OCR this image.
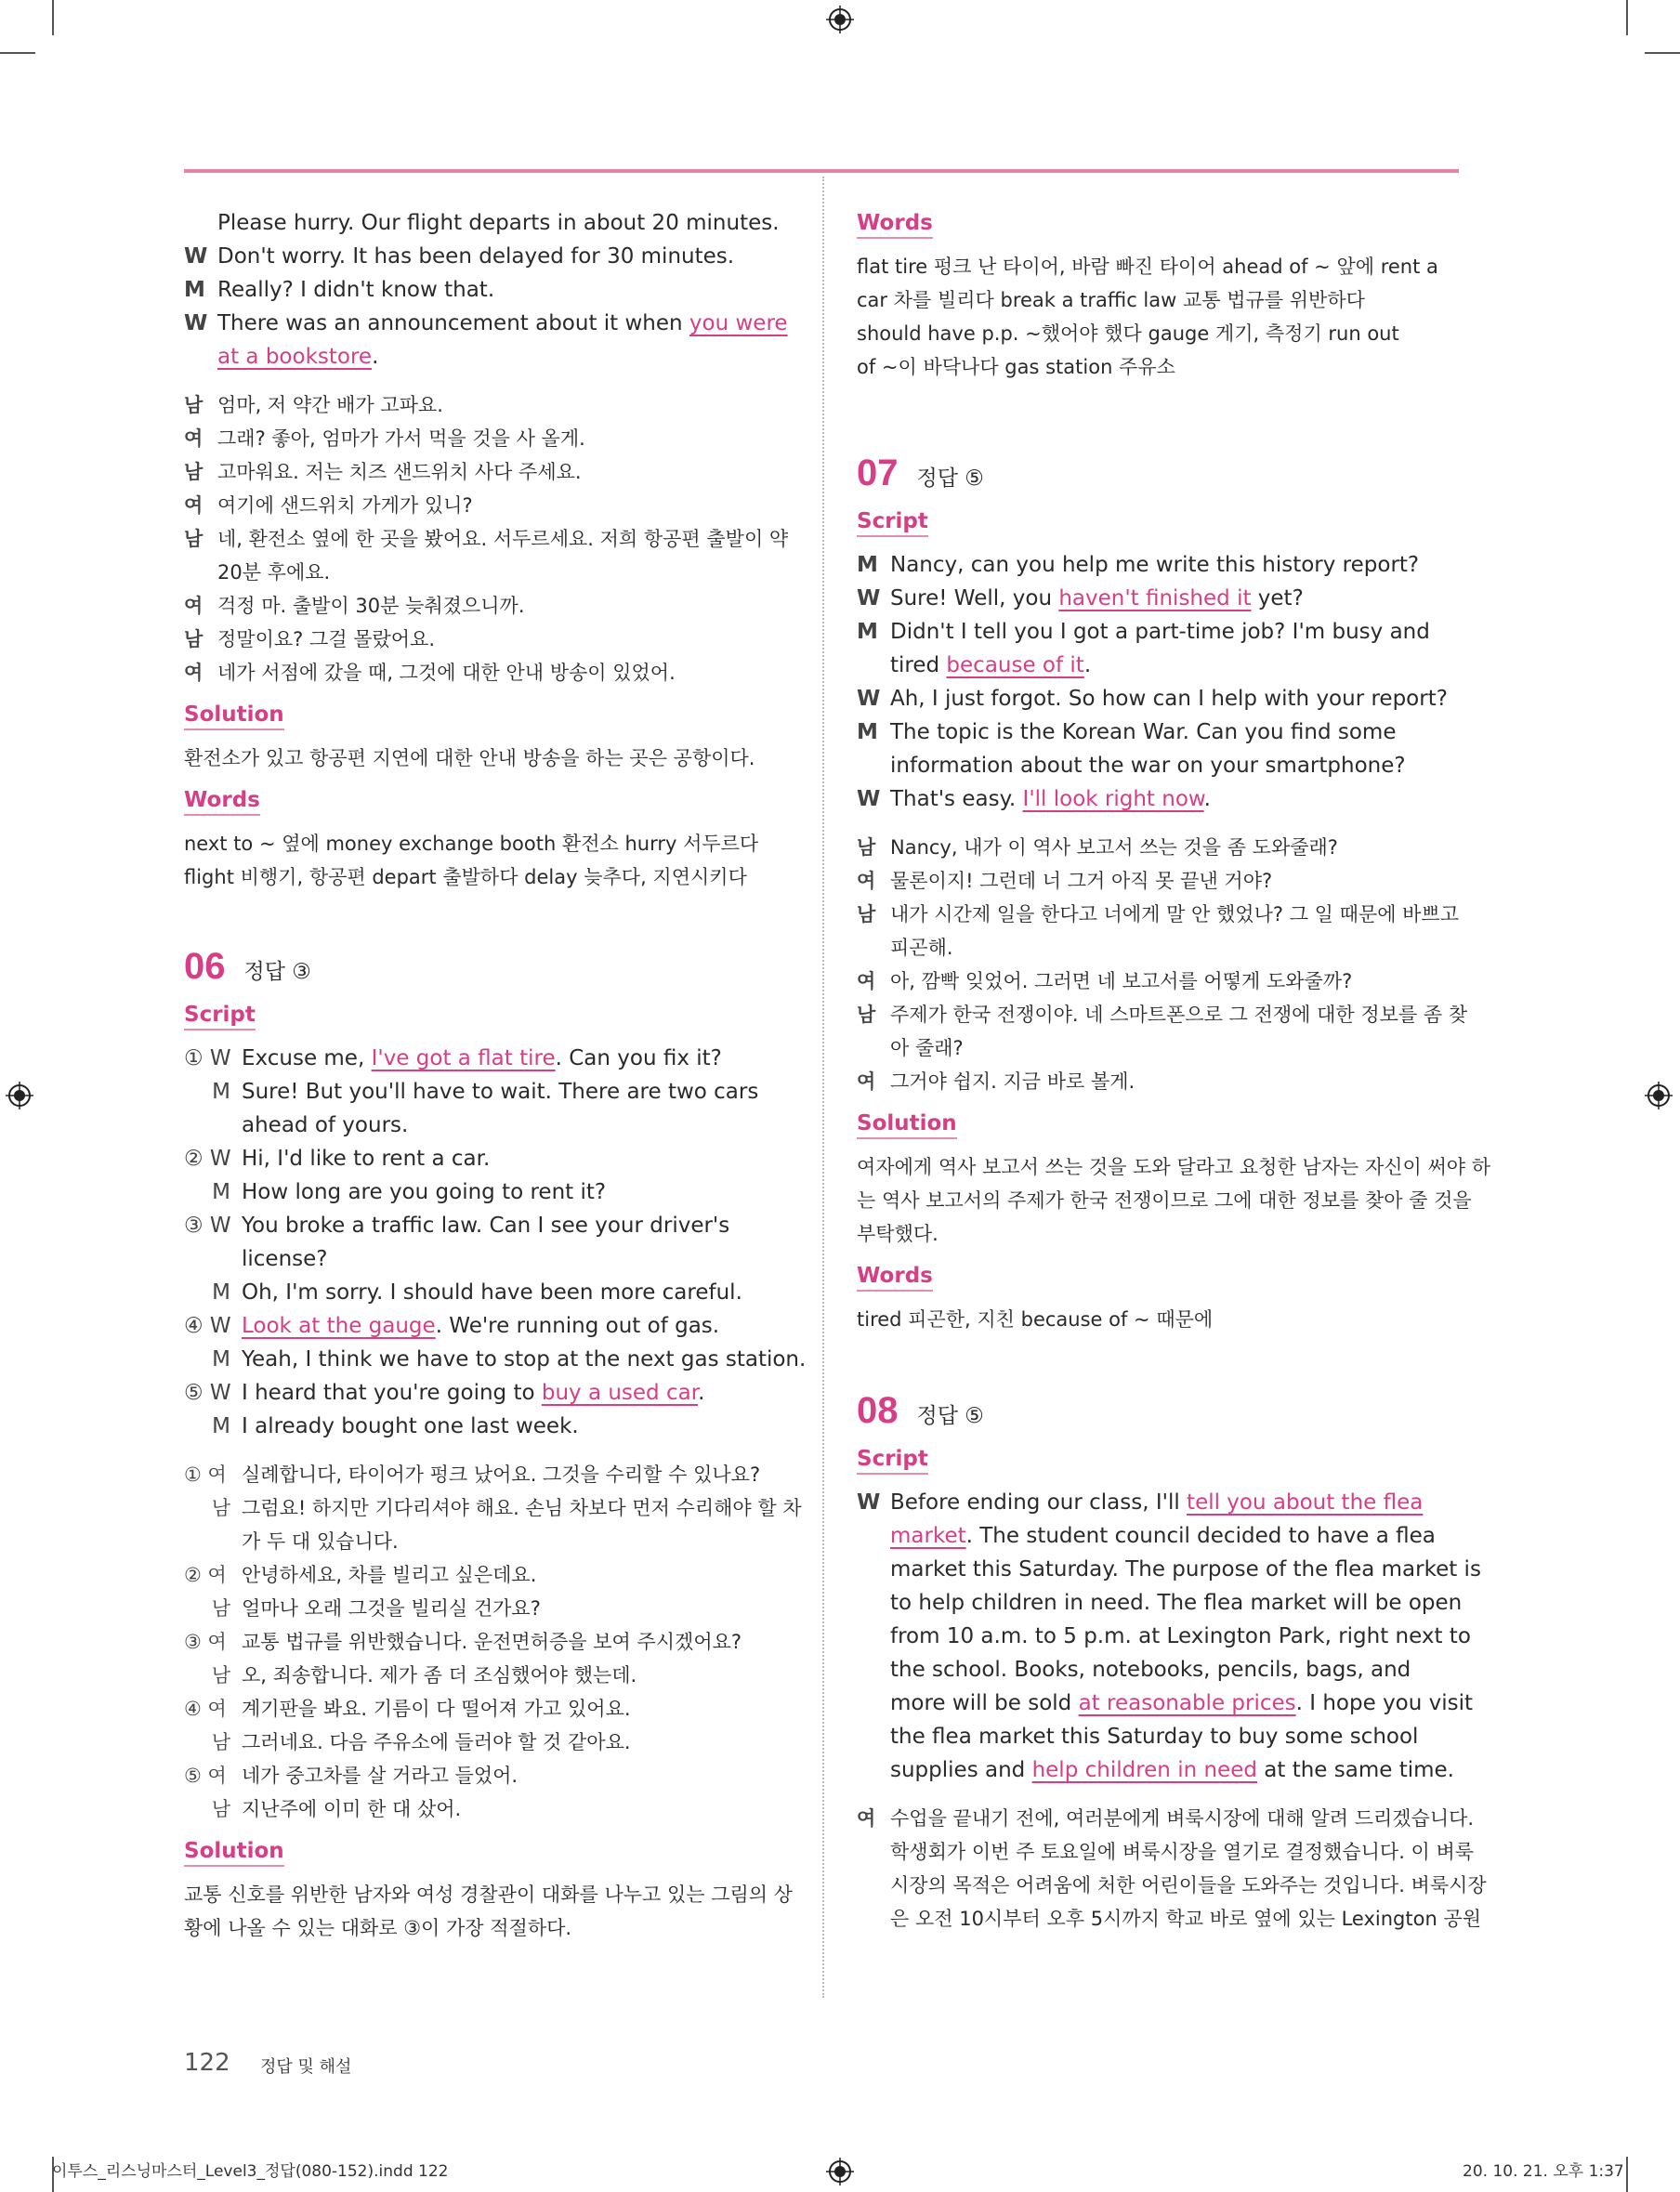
Please hurry. Our flight departs in about 20 minutes.
W Don't worry. It has been delayed for 30 minutes.
M Really? I didn't know that.
W There was an announcement about it when you were
at a bookstore.
남 엄마, 저 약간 배가 고파요.
여 그래? 좋아, 엄마가 가서 먹을 것을 사 올게.
남 고마워요. 저는 치즈 샌드위치 사다 주세요.
여 여기에 샌드위치 가게가 있니?
남 네, 환전소 옆에 한 곳을 봤어요. 서두르세요. 저희 항공편 출발이 약
20분 후에요.
여 걱정 마. 출발이 30분 늦춰졌으니까.
남 정말이요? 그걸 몰랐어요.
여 네가 서점에 갔을 때, 그것에 대한 안내 방송이 있었어.
Solution
환전소가 있고 항공편 지연에 대한 안내 방송을 하는 곳은 공항이다.
Words
next to ~ 옆에 money exchange booth 환전소 hurry 서두르다
flight 비행기, 항공편 depart 출발하다 delay 늦추다, 지연시키다
06 정답 ③
Script
① W Excuse me, I've got a flat tire. Can you fix it?
M Sure! But you'll have to wait. There are two cars
ahead of yours.
② W Hi, I'd like to rent a car.
M How long are you going to rent it?
③ W You broke a traffic law. Can I see your driver's
license?
M Oh, I'm sorry. I should have been more careful.
④ W Look at the gauge. We're running out of gas.
M Yeah, I think we have to stop at the next gas station.
⑤ W I heard that you're going to buy a used car.
M I already bought one last week.
① 여 실례합니다, 타이어가 펑크 났어요. 그것을 수리할 수 있나요?
남 그럼요! 하지만 기다리셔야 해요. 손님 차보다 먼저 수리해야 할 차
가 두 대 있습니다.
② 여 안녕하세요, 차를 빌리고 싶은데요.
남 얼마나 오래 그것을 빌리실 건가요?
③ 여 교통 법규를 위반했습니다. 운전면허증을 보여 주시겠어요?
남 오, 죄송합니다. 제가 좀 더 조심했어야 했는데.
④ 여 계기판을 봐요. 기름이 다 떨어져 가고 있어요.
남 그러네요. 다음 주유소에 들러야 할 것 같아요.
⑤ 여 네가 중고차를 살 거라고 들었어.
남 지난주에 이미 한 대 샀어.
Solution
교통 신호를 위반한 남자와 여성 경찰관이 대화를 나누고 있는 그림의 상
황에 나올 수 있는 대화로 ③이 가장 적절하다.
Words
flat tire 펑크 난 타이어, 바람 빠진 타이어 ahead of ~ 앞에 rent a
car 차를 빌리다 break a traffic law 교통 법규를 위반하다
should have p.p. ~했어야 했다 gauge 게기, 측정기 run out
of ~이 바닥나다 gas station 주유소
07 정답 ⑤
Script
M Nancy, can you help me write this history report?
W Sure! Well, you haven't finished it yet?
M Didn't I tell you I got a part-time job? I'm busy and
tired because of it.
W Ah, I just forgot. So how can I help with your report?
M The topic is the Korean War. Can you find some
information about the war on your smartphone?
W That's easy. I'll look right now.
남 Nancy, 내가 이 역사 보고서 쓰는 것을 좀 도와줄래?
여 물론이지! 그런데 너 그거 아직 못 끝낸 거야?
남 내가 시간제 일을 한다고 너에게 말 안 했었나? 그 일 때문에 바쁘고
피곤해.
여 아, 깜빡 잊었어. 그러면 네 보고서를 어떻게 도와줄까?
남 주제가 한국 전쟁이야. 네 스마트폰으로 그 전쟁에 대한 정보를 좀 찾
아 줄래?
여 그거야 쉽지. 지금 바로 볼게.
Solution
여자에게 역사 보고서 쓰는 것을 도와 달라고 요청한 남자는 자신이 써야 하
는 역사 보고서의 주제가 한국 전쟁이므로 그에 대한 정보를 찾아 줄 것을
부탁했다.
Words
tired 피곤한, 지친 because of ~ 때문에
08 정답 ⑤
Script
W Before ending our class, I'll tell you about the flea
market. The student council decided to have a flea
market this Saturday. The purpose of the flea market is
to help children in need. The flea market will be open
from 10 a.m. to 5 p.m. at Lexington Park, right next to
the school. Books, notebooks, pencils, bags, and
more will be sold at reasonable prices. I hope you visit
the flea market this Saturday to buy some school
supplies and help children in need at the same time.
여 수업을 끝내기 전에, 여러분에게 벼룩시장에 대해 알려 드리겠습니다.
학생회가 이번 주 토요일에 벼룩시장을 열기로 결정했습니다. 이 벼룩
시장의 목적은 어려움에 처한 어린이들을 도와주는 것입니다. 벼룩시장
은 오전 10시부터 오후 5시까지 학교 바로 옆에 있는 Lexington 공원
122 정답 및 해설
이투스_리스닝마스터_Level3_정답(080-152).indd 122	20. 10. 21. 오후 1:37
